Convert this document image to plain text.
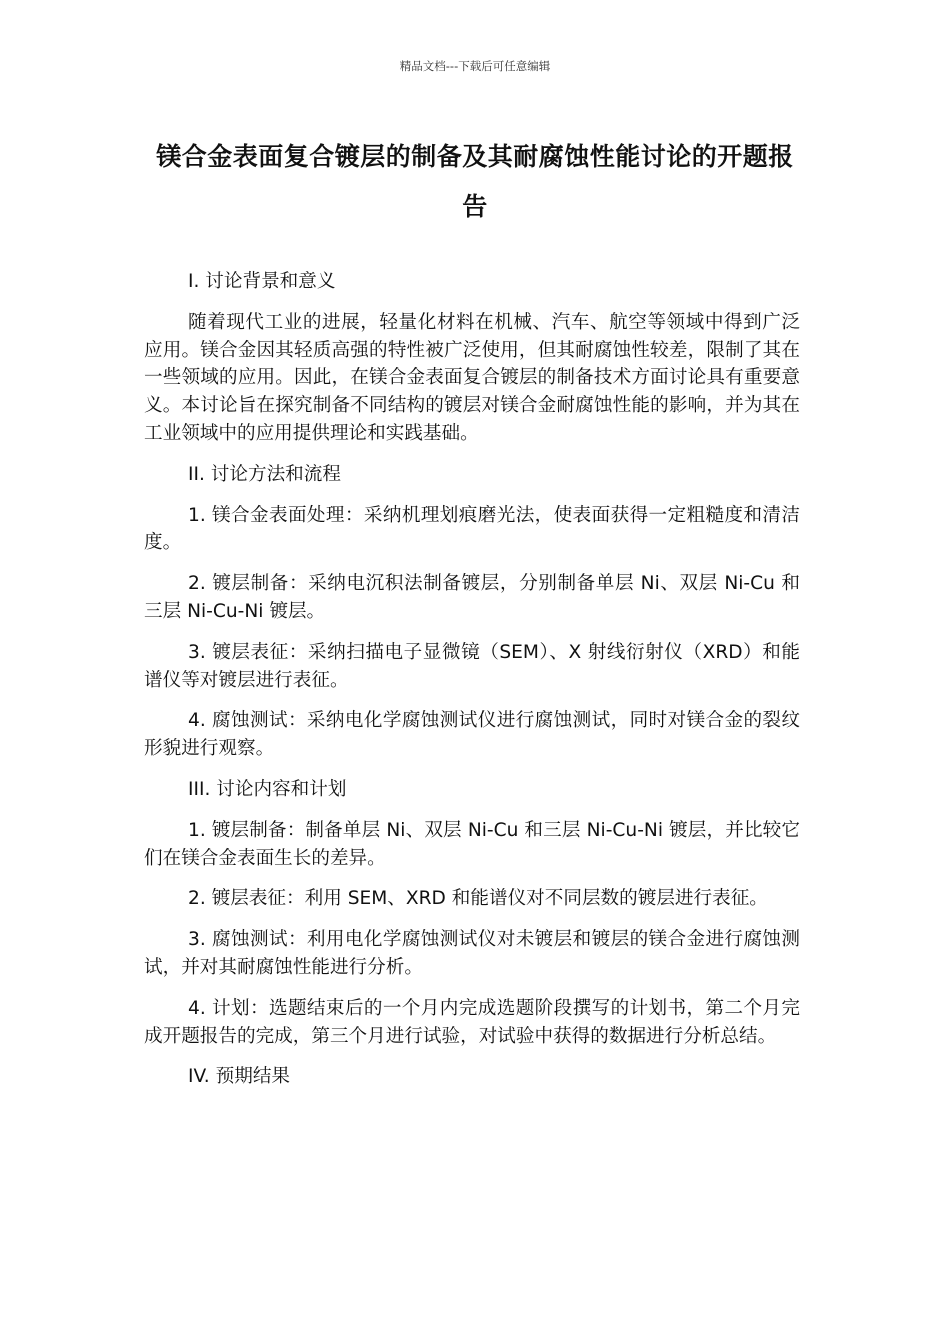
精品文档---下载后可任意编辑
镁合金表面复合镀层的制备及其耐腐蚀性能讨论的开题报告

I. 讨论背景和意义

随着现代工业的进展，轻量化材料在机械、汽车、航空等领域中得到广泛应用。镁合金因其轻质高强的特性被广泛使用，但其耐腐蚀性较差，限制了其在一些领域的应用。因此，在镁合金表面复合镀层的制备技术方面讨论具有重要意义。本讨论旨在探究制备不同结构的镀层对镁合金耐腐蚀性能的影响，并为其在工业领域中的应用提供理论和实践基础。

II. 讨论方法和流程

1. 镁合金表面处理：采纳机理划痕磨光法，使表面获得一定粗糙度和清洁度。

2. 镀层制备：采纳电沉积法制备镀层，分别制备单层 Ni、双层 Ni-Cu 和三层 Ni-Cu-Ni 镀层。

3. 镀层表征：采纳扫描电子显微镜（SEM）、X 射线衍射仪（XRD）和能谱仪等对镀层进行表征。

4. 腐蚀测试：采纳电化学腐蚀测试仪进行腐蚀测试，同时对镁合金的裂纹形貌进行观察。

III. 讨论内容和计划

1. 镀层制备：制备单层 Ni、双层 Ni-Cu 和三层 Ni-Cu-Ni 镀层，并比较它们在镁合金表面生长的差异。

2. 镀层表征：利用 SEM、XRD 和能谱仪对不同层数的镀层进行表征。

3. 腐蚀测试：利用电化学腐蚀测试仪对未镀层和镀层的镁合金进行腐蚀测试，并对其耐腐蚀性能进行分析。

4. 计划：选题结束后的一个月内完成选题阶段撰写的计划书，第二个月完成开题报告的完成，第三个月进行试验，对试验中获得的数据进行分析总结。

IV. 预期结果
